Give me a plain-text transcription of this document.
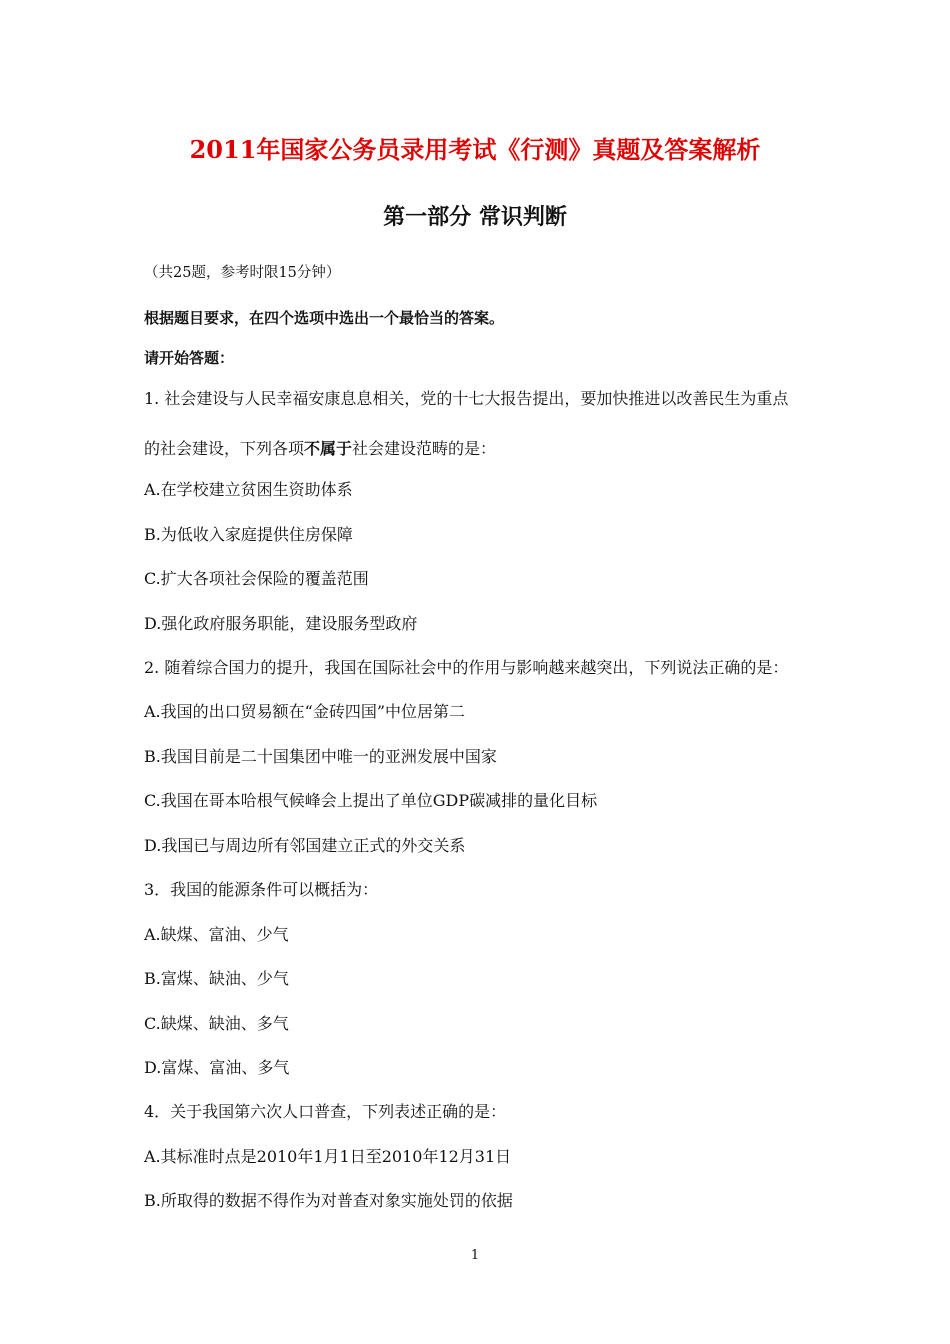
2011年国家公务员录用考试《行测》真题及答案解析
第一部分 常识判断
（共25题，参考时限15分钟）
根据题目要求，在四个选项中选出一个最恰当的答案。
请开始答题：
1. 社会建设与人民幸福安康息息相关，党的十七大报告提出，要加快推进以改善民生为重点
的社会建设，下列各项不属于社会建设范畴的是：
A.在学校建立贫困生资助体系
B.为低收入家庭提供住房保障
C.扩大各项社会保险的覆盖范围
D.强化政府服务职能，建设服务型政府
2. 随着综合国力的提升，我国在国际社会中的作用与影响越来越突出，下列说法正确的是：
A.我国的出口贸易额在“金砖四国”中位居第二
B.我国目前是二十国集团中唯一的亚洲发展中国家
C.我国在哥本哈根气候峰会上提出了单位GDP碳减排的量化目标
D.我国已与周边所有邻国建立正式的外交关系
3．我国的能源条件可以概括为：
A.缺煤、富油、少气
B.富煤、缺油、少气
C.缺煤、缺油、多气
D.富煤、富油、多气
4．关于我国第六次人口普查，下列表述正确的是：
A.其标准时点是2010年1月1日至2010年12月31日
B.所取得的数据不得作为对普查对象实施处罚的依据
1
